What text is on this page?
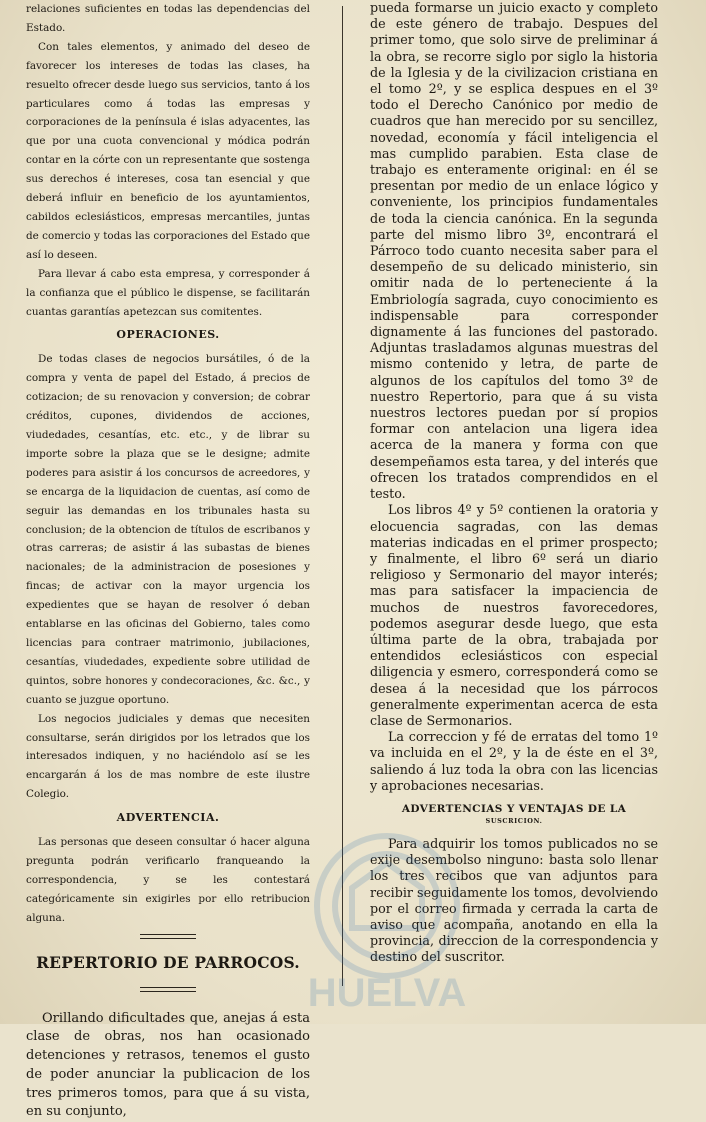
relaciones suficientes en todas las dependencias del Estado.

Con tales elementos, y animado del deseo de favorecer los intereses de todas las clases, ha resuelto ofrecer desde luego sus servicios, tanto á los particulares como á todas las empresas y corporaciones de la península é islas adyacentes, las que por una cuota convencional y módica podrán contar en la córte con un representante que sostenga sus derechos é intereses, cosa tan esencial y que deberá influir en beneficio de los ayuntamientos, cabildos eclesiásticos, empresas mercantiles, juntas de comercio y todas las corporaciones del Estado que así lo deseen.

Para llevar á cabo esta empresa, y corresponder á la confianza que el público le dispense, se facilitarán cuantas garantías apetezcan sus comitentes.

OPERACIONES.

De todas clases de negocios bursátiles, ó de la compra y venta de papel del Estado, á precios de cotizacion; de su renovacion y conversion; de cobrar créditos, cupones, dividendos de acciones, viudedades, cesantías, etc. etc., y de librar su importe sobre la plaza que se le designe; admite poderes para asistir á los concursos de acreedores, y se encarga de la liquidacion de cuentas, así como de seguir las demandas en los tribunales hasta su conclusion; de la obtencion de títulos de escribanos y otras carreras; de asistir á las subastas de bienes nacionales; de la administracion de posesiones y fincas; de activar con la mayor urgencia los expedientes que se hayan de resolver ó deban entablarse en las oficinas del Gobierno, tales como licencias para contraer matrimonio, jubilaciones, cesantías, viudedades, expediente sobre utilidad de quintos, sobre honores y condecoraciones, &c. &c., y cuanto se juzgue oportuno.

Los negocios judiciales y demas que necesiten consultarse, serán dirigidos por los letrados que los interesados indiquen, y no haciéndolo así se les encargarán á los de mas nombre de este ilustre Colegio.

ADVERTENCIA.

Las personas que deseen consultar ó hacer alguna pregunta podrán verificarlo franqueando la correspondencia, y se les contestará categóricamente sin exigirles por ello retribucion alguna.

REPERTORIO DE PARROCOS.

Orillando dificultades que, anejas á esta clase de obras, nos han ocasionado detenciones y retrasos, tenemos el gusto de poder anunciar la publicacion de los tres primeros tomos, para que á su vista, en su conjunto,

pueda formarse un juicio exacto y completo de este género de trabajo. Despues del primer tomo, que solo sirve de preliminar á la obra, se recorre siglo por siglo la historia de la Iglesia y de la civilizacion cristiana en el tomo 2º, y se esplica despues en el 3º todo el Derecho Canónico por medio de cuadros que han merecido por su sencillez, novedad, economía y fácil inteligencia el mas cumplido parabien. Esta clase de trabajo es enteramente original: en él se presentan por medio de un enlace lógico y conveniente, los principios fundamentales de toda la ciencia canónica. En la segunda parte del mismo libro 3º, encontrará el Párroco todo cuanto necesita saber para el desempeño de su delicado ministerio, sin omitir nada de lo perteneciente á la Embriología sagrada, cuyo conocimiento es indispensable para corresponder dignamente á las funciones del pastorado. Adjuntas trasladamos algunas muestras del mismo contenido y letra, de parte de algunos de los capítulos del tomo 3º de nuestro Repertorio, para que á su vista nuestros lectores puedan por sí propios formar con antelacion una ligera idea acerca de la manera y forma con que desempeñamos esta tarea, y del interés que ofrecen los tratados comprendidos en el testo.

Los libros 4º y 5º contienen la oratoria y elocuencia sagradas, con las demas materias indicadas en el primer prospecto; y finalmente, el libro 6º será un diario religioso y Sermonario del mayor interés; mas para satisfacer la impaciencia de muchos de nuestros favorecedores, podemos asegurar desde luego, que esta última parte de la obra, trabajada por entendidos eclesiásticos con especial diligencia y esmero, corresponderá como se desea á la necesidad que los párrocos generalmente experimentan acerca de esta clase de Sermonarios.

La correccion y fé de erratas del tomo 1º va incluida en el 2º, y la de éste en el 3º, saliendo á luz toda la obra con las licencias y aprobaciones necesarias.

ADVERTENCIAS Y VENTAJAS DE LA
SUSCRICION.

Para adquirir los tomos publicados no se exije desembolso ninguno: basta solo llenar los tres recibos que van adjuntos para recibir seguidamente los tomos, devolviendo por el correo firmada y cerrada la carta de aviso que acompaña, anotando en ella la provincia, direccion de la correspondencia y destino del suscritor.

HUELVA
